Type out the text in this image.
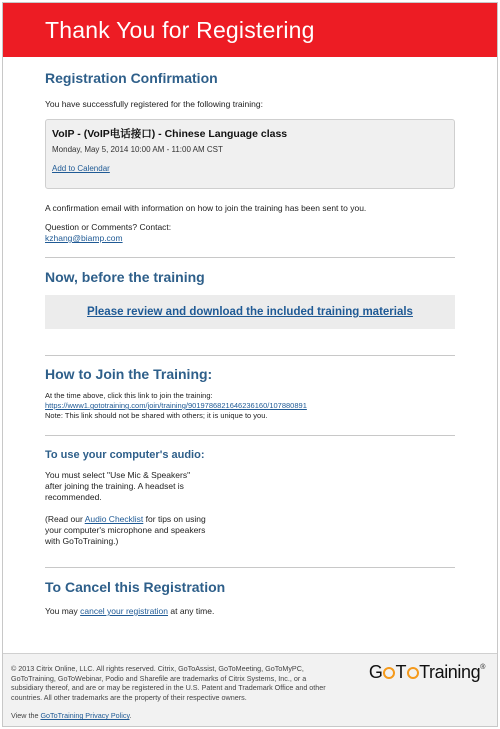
Thank You for Registering
Registration Confirmation
You have successfully registered for the following training:
VoIP - (VoIP电话接口) - Chinese Language class
Monday, May 5, 2014 10:00 AM - 11:00 AM CST
Add to Calendar
A confirmation email with information on how to join the training has been sent to you.
Question or Comments? Contact:
kzhang@biamp.com
Now, before the training
Please review and download the included training materials
How to Join the Training:
At the time above, click this link to join the training:
https://www1.gototraining.com/join/training/9019786821646236160/107880891
Note: This link should not be shared with others; it is unique to you.
To use your computer's audio:
You must select "Use Mic & Speakers"
after joining the training. A headset is
recommended.
(Read our Audio Checklist for tips on using
your computer's microphone and speakers
with GoToTraining.)
To Cancel this Registration
You may cancel your registration at any time.
© 2013 Citrix Online, LLC. All rights reserved. Citrix, GoToAssist, GoToMeeting, GoToMyPC,
GoToTraining, GoToWebinar, Podio and Sharefile are trademarks of Citrix Systems, Inc., or a
subsidiary thereof, and are or may be registered in the U.S. Patent and Trademark Office and other
countries. All other trademarks are the property of their respective owners.
View the GoToTraining Privacy Policy.
G T Training®
